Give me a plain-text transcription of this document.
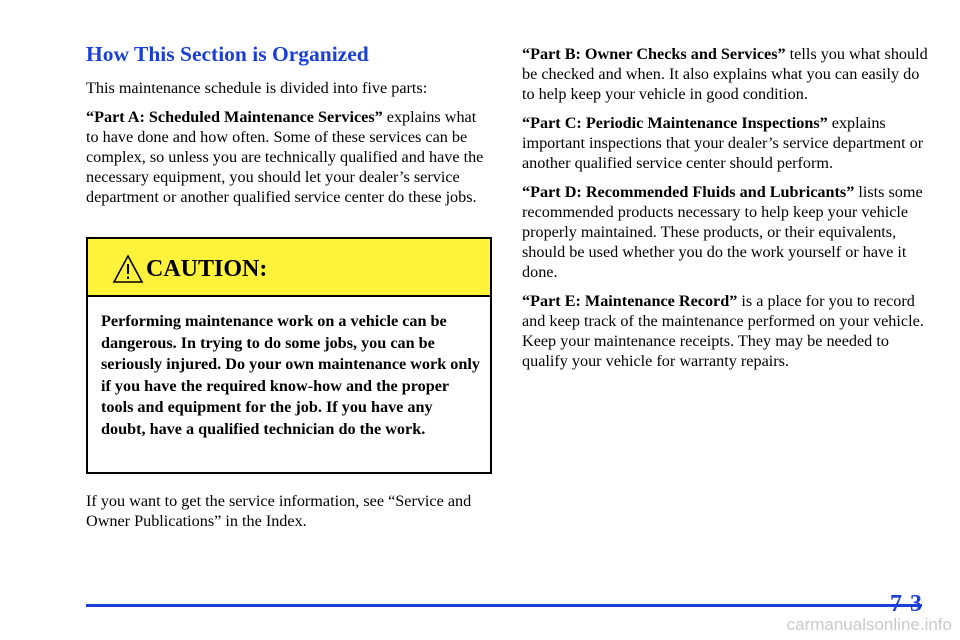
How This Section is Organized

This maintenance schedule is divided into five parts:

“Part A: Scheduled Maintenance Services” explains what to have done and how often. Some of these services can be complex, so unless you are technically qualified and have the necessary equipment, you should let your dealer’s service department or another qualified service center do these jobs.

CAUTION:

Performing maintenance work on a vehicle can be dangerous. In trying to do some jobs, you can be seriously injured. Do your own maintenance work only if you have the required know-how and the proper tools and equipment for the job. If you have any doubt, have a qualified technician do the work.

If you want to get the service information, see “Service and Owner Publications” in the Index.

“Part B: Owner Checks and Services” tells you what should be checked and when. It also explains what you can easily do to help keep your vehicle in good condition.

“Part C: Periodic Maintenance Inspections” explains important inspections that your dealer’s service department or another qualified service center should perform.

“Part D: Recommended Fluids and Lubricants” lists some recommended products necessary to help keep your vehicle properly maintained. These products, or their equivalents, should be used whether you do the work yourself or have it done.

“Part E: Maintenance Record” is a place for you to record and keep track of the maintenance performed on your vehicle. Keep your maintenance receipts. They may be needed to qualify your vehicle for warranty repairs.

7-3
carmanualsonline.info
